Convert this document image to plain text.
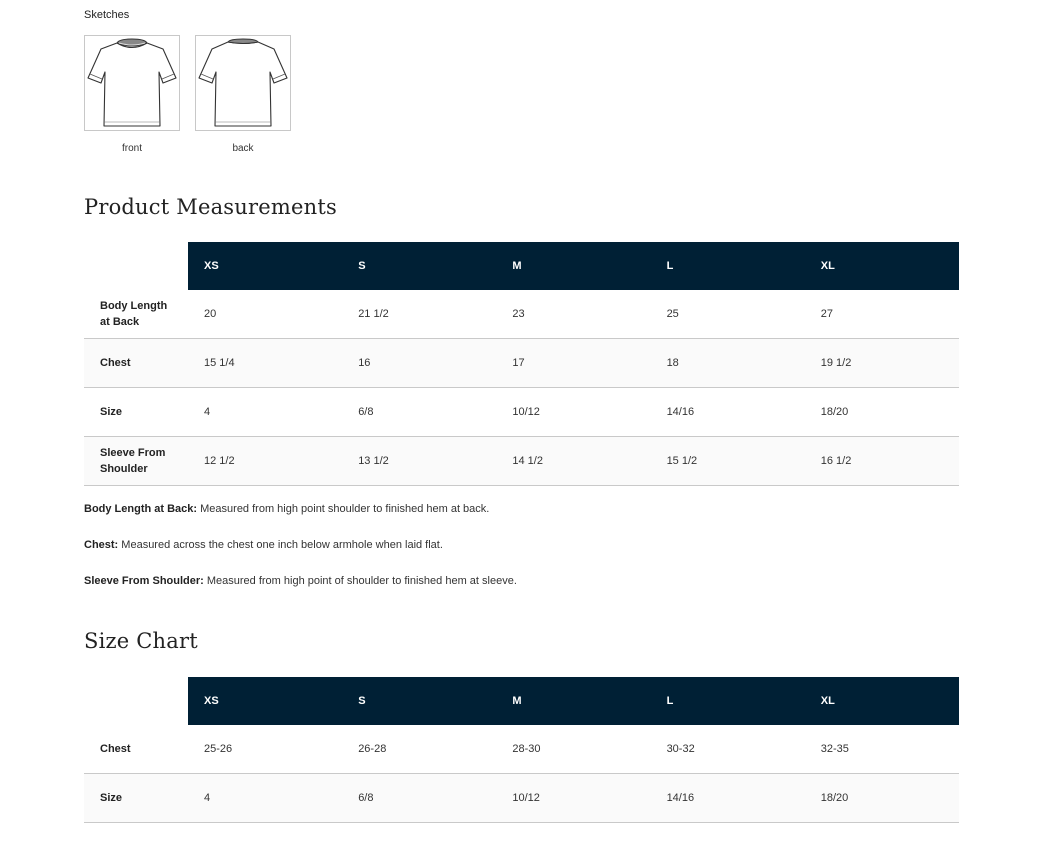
Sketches
front	back
Product Measurements
	XS	S	M	L	XL
Body Length at Back	20	21 1/2	23	25	27
Chest	15 1/4	16	17	18	19 1/2
Size	4	6/8	10/12	14/16	18/20
Sleeve From Shoulder	12 1/2	13 1/2	14 1/2	15 1/2	16 1/2

Body Length at Back: Measured from high point shoulder to finished hem at back.

Chest: Measured across the chest one inch below armhole when laid flat.

Sleeve From Shoulder: Measured from high point of shoulder to finished hem at sleeve.

Size Chart
	XS	S	M	L	XL
Chest	25-26	26-28	28-30	30-32	32-35
Size	4	6/8	10/12	14/16	18/20
